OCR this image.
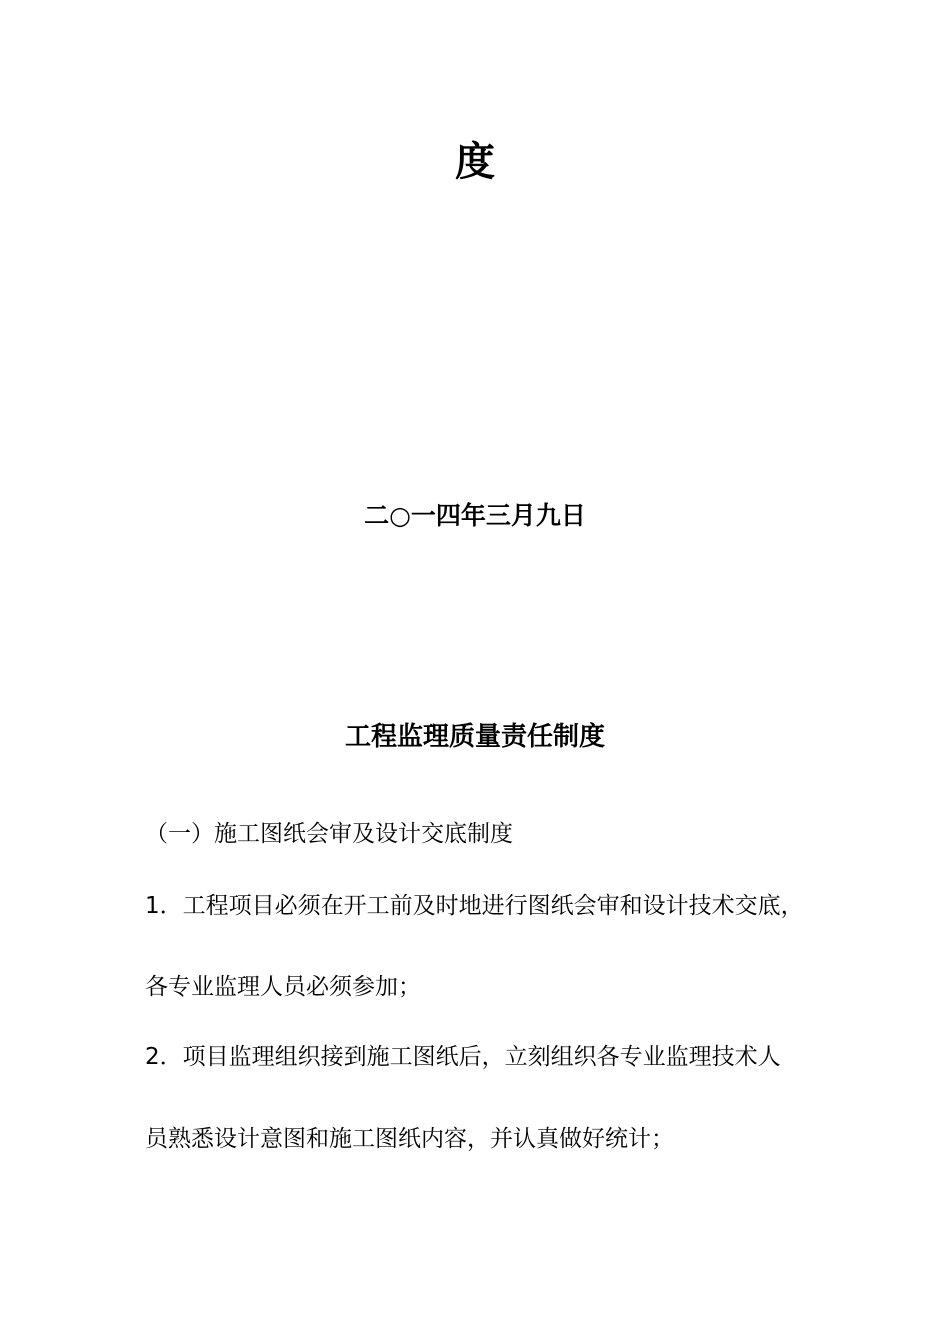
度
二○一四年三月九日
工程监理质量责任制度
（一）施工图纸会审及设计交底制度
1．工程项目必须在开工前及时地进行图纸会审和设计技术交底，
各专业监理人员必须参加；
2．项目监理组织接到施工图纸后，立刻组织各专业监理技术人
员熟悉设计意图和施工图纸内容，并认真做好统计；
